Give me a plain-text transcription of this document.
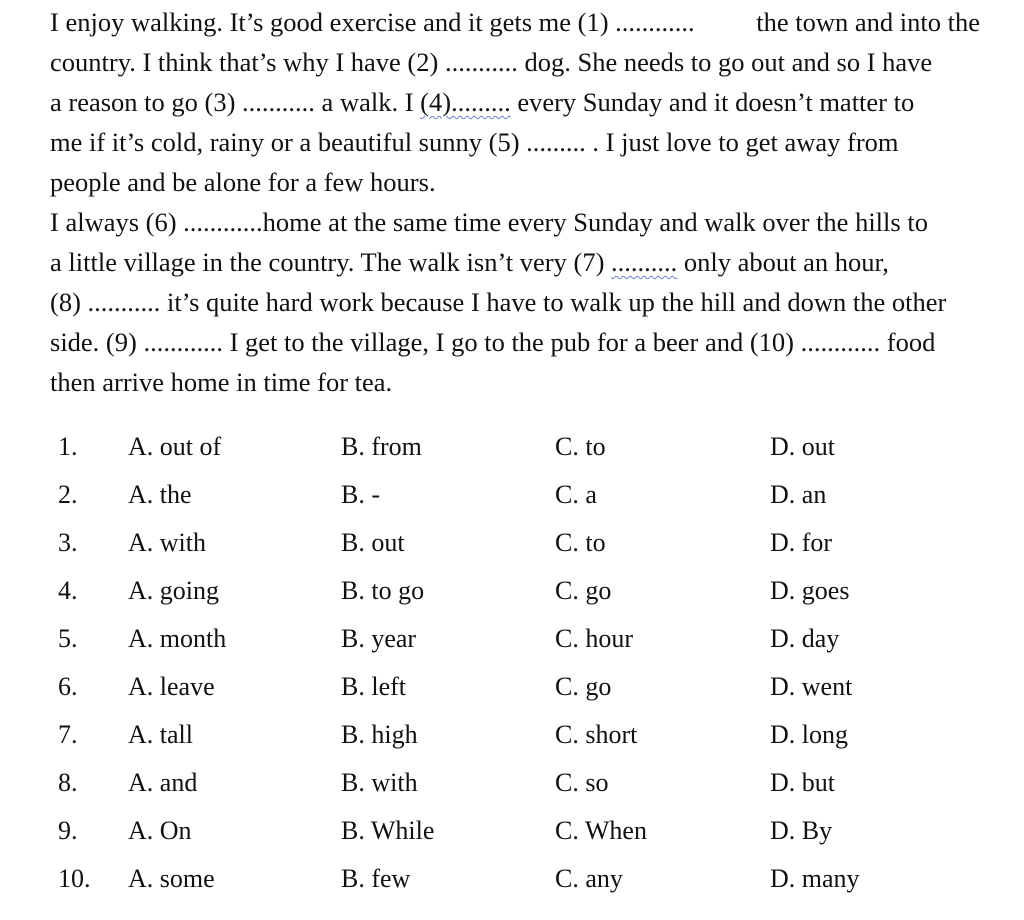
I enjoy walking. It’s good exercise and it gets me (1) ............ the town and into the
country. I think that’s why I have (2) ........... dog. She needs to go out and so I have
a reason to go (3) ........... a walk. I (4)......... every Sunday and it doesn’t matter to
me if it’s cold, rainy or a beautiful sunny (5) ......... . I just love to get away from
people and be alone for a few hours.
I always (6) ............home at the same time every Sunday and walk over the hills to
a little village in the country. The walk isn’t very (7) .......... only about an hour,
(8) ........... it’s quite hard work because I have to walk up the hill and down the other
side. (9) ............ I get to the village, I go to the pub for a beer and (10) ............ food
then arrive home in time for tea.
1.	A. out of	B. from	C. to	D. out
2.	A. the	B. -	C. a	D. an
3.	A. with	B. out	C. to	D. for
4.	A. going	B. to go	C. go	D. goes
5.	A. month	B. year	C. hour	D. day
6.	A. leave	B. left	C. go	D. went
7.	A. tall	B. high	C. short	D. long
8.	A. and	B. with	C. so	D. but
9.	A. On	B. While	C. When	D. By
10.	A. some	B. few	C. any	D. many
